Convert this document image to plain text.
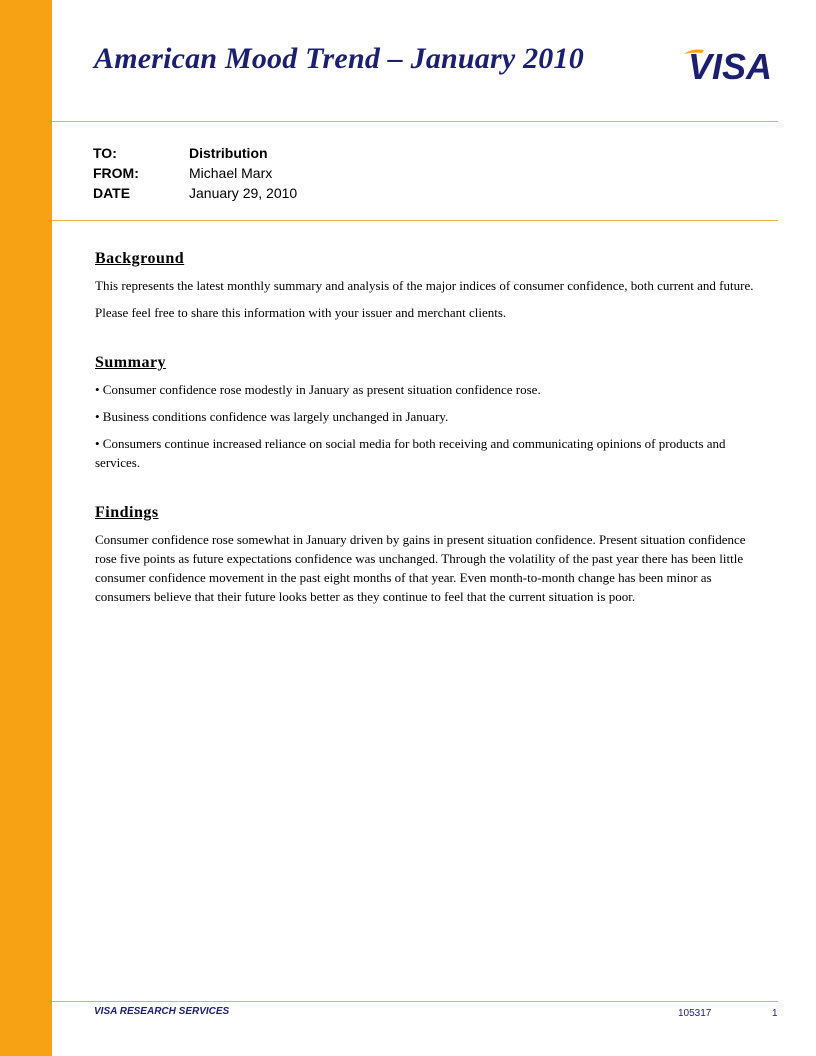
American Mood Trend – January 2010	VISA
TO:	Distribution
FROM:	Michael Marx
DATE	January 29, 2010
Background

This represents the latest monthly summary and analysis of the major indices of consumer confidence, both current and future.

Please feel free to share this information with your issuer and merchant clients.

Summary

• Consumer confidence rose modestly in January as present situation confidence rose.

• Business conditions confidence was largely unchanged in January.

• Consumers continue increased reliance on social media for both receiving and communicating opinions of products and services.

Findings

Consumer confidence rose somewhat in January driven by gains in present situation confidence. Present situation confidence rose five points as future expectations confidence was unchanged. Through the volatility of the past year there has been little consumer confidence movement in the past eight months of that year. Even month-to-month change has been minor as consumers believe that their future looks better as they continue to feel that the current situation is poor.

VISA RESEARCH SERVICES	105317	1
